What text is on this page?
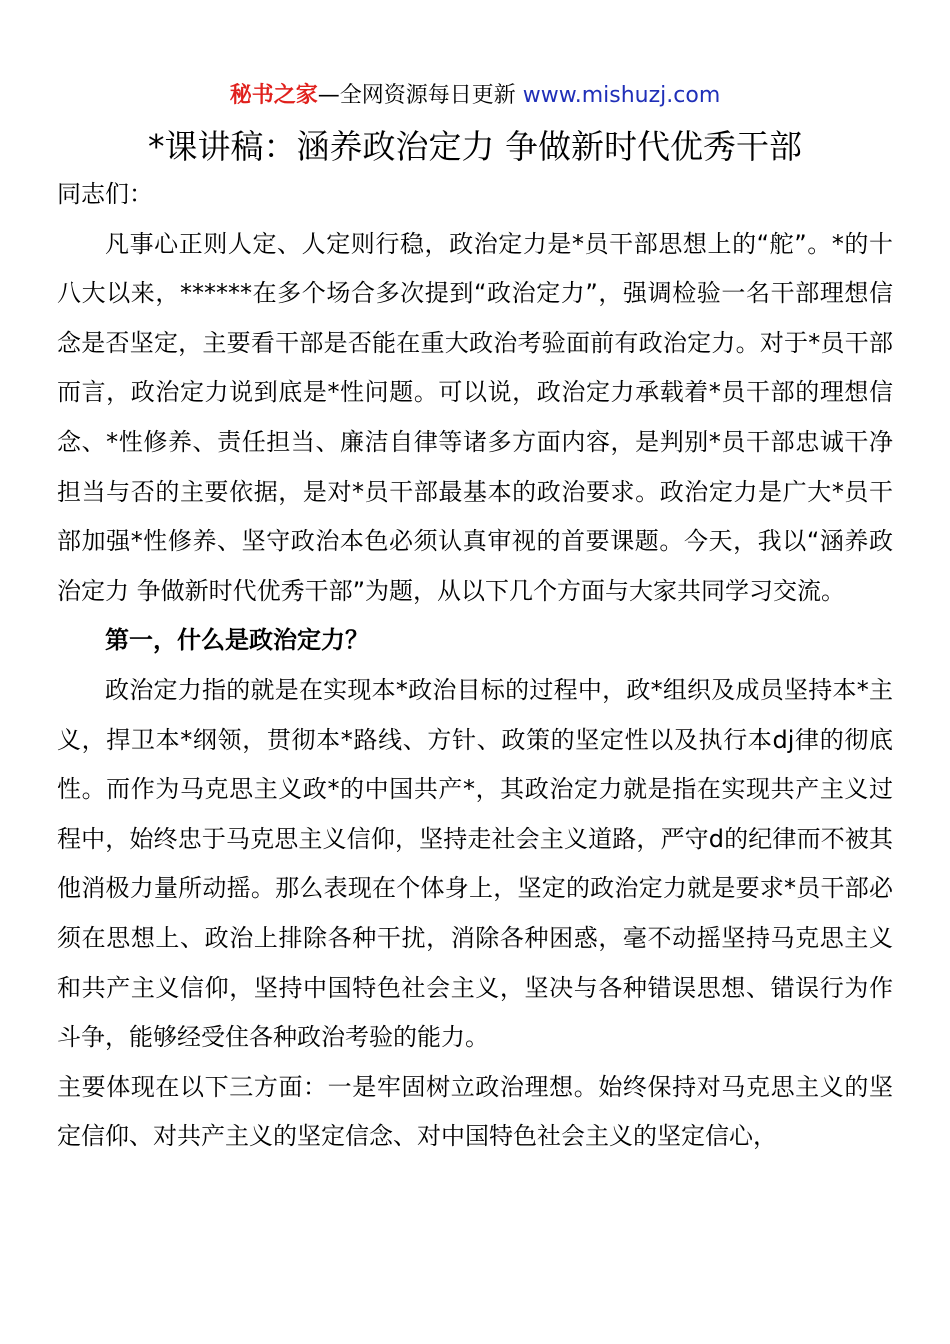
秘书之家—全网资源每日更新 www.mishuzj.com
*课讲稿：涵养政治定力 争做新时代优秀干部

同志们：

凡事心正则人定、人定则行稳，政治定力是*员干部思想上的“舵”。*的十八大以来，******在多个场合多次提到“政治定力”，强调检验一名干部理想信念是否坚定，主要看干部是否能在重大政治考验面前有政治定力。对于*员干部而言，政治定力说到底是*性问题。可以说，政治定力承载着*员干部的理想信念、*性修养、责任担当、廉洁自律等诸多方面内容，是判别*员干部忠诚干净担当与否的主要依据，是对*员干部最基本的政治要求。政治定力是广大*员干部加强*性修养、坚守政治本色必须认真审视的首要课题。今天，我以“涵养政治定力 争做新时代优秀干部”为题，从以下几个方面与大家共同学习交流。

第一，什么是政治定力？

政治定力指的就是在实现本*政治目标的过程中，政*组织及成员坚持本*主义，捍卫本*纲领，贯彻本*路线、方针、政策的坚定性以及执行本dj律的彻底性。而作为马克思主义政*的中国共产*，其政治定力就是指在实现共产主义过程中，始终忠于马克思主义信仰，坚持走社会主义道路，严守d的纪律而不被其他消极力量所动摇。那么表现在个体身上，坚定的政治定力就是要求*员干部必须在思想上、政治上排除各种干扰，消除各种困惑，毫不动摇坚持马克思主义和共产主义信仰，坚持中国特色社会主义，坚决与各种错误思想、错误行为作斗争，能够经受住各种政治考验的能力。

主要体现在以下三方面：一是牢固树立政治理想。始终保持对马克思主义的坚定信仰、对共产主义的坚定信念、对中国特色社会主义的坚定信心，
